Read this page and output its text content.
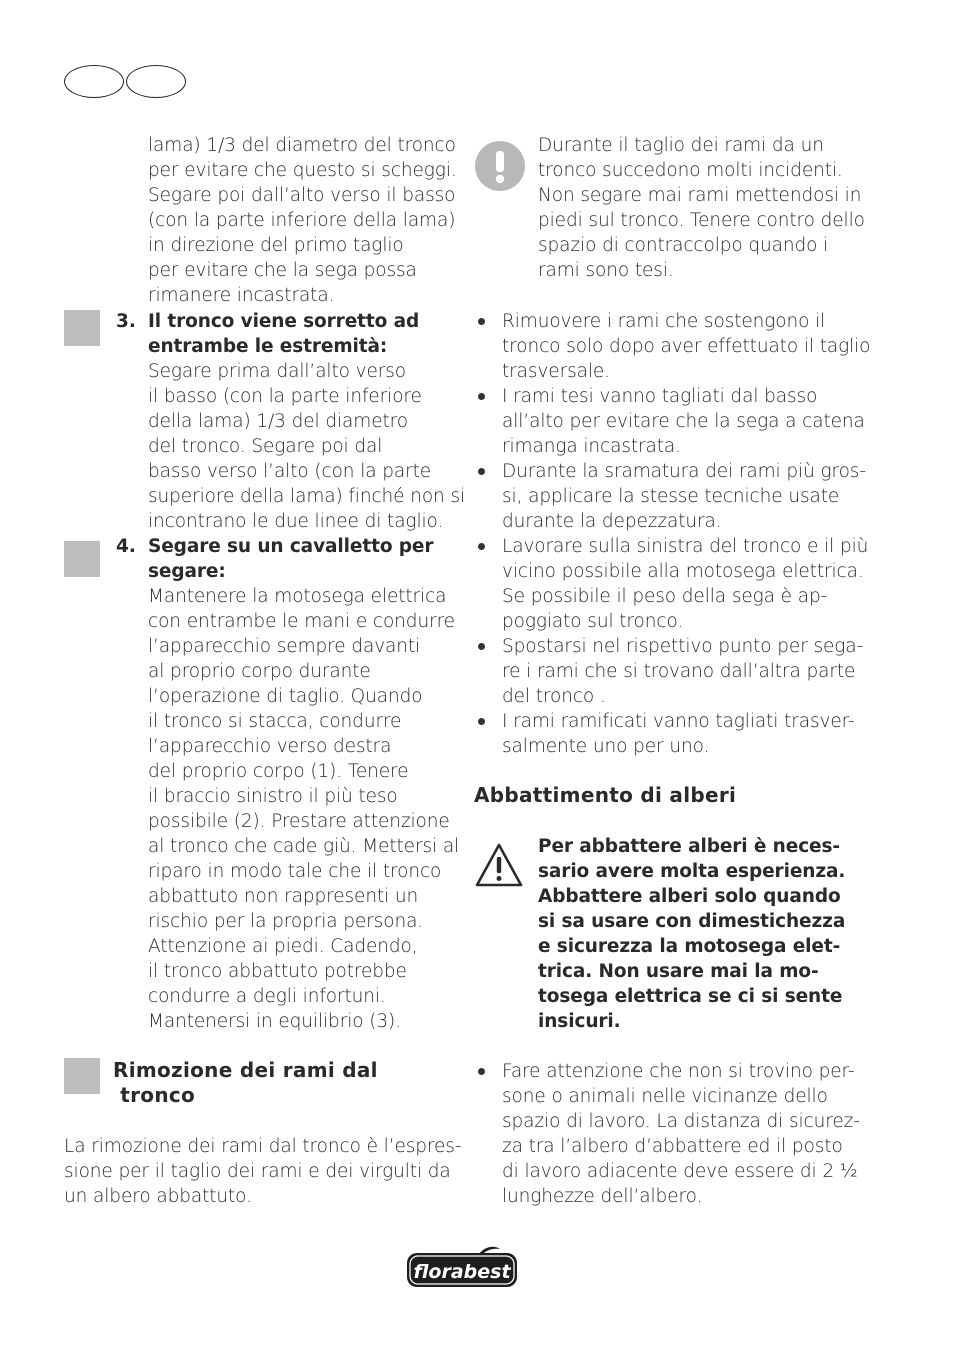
lama) 1/3 del diametro del tronco
per evitare che questo si scheggi.
Segare poi dall’alto verso il basso
(con la parte inferiore della lama)
in direzione del primo taglio
per evitare che la sega possa
rimanere incastrata.
3. Il tronco viene sorretto ad
entrambe le estremità:
Segare prima dall’alto verso
il basso (con la parte inferiore
della lama) 1/3 del diametro
del tronco. Segare poi dal
basso verso l’alto (con la parte
superiore della lama) finché non si
incontrano le due linee di taglio.
4. Segare su un cavalletto per
segare:
Mantenere la motosega elettrica
con entrambe le mani e condurre
l’apparecchio sempre davanti
al proprio corpo durante
l’operazione di taglio. Quando
il tronco si stacca, condurre
l’apparecchio verso destra
del proprio corpo (1). Tenere
il braccio sinistro il più teso
possibile (2). Prestare attenzione
al tronco che cade giù. Mettersi al
riparo in modo tale che il tronco
abbattuto non rappresenti un
rischio per la propria persona.
Attenzione ai piedi. Cadendo,
il tronco abbattuto potrebbe
condurre a degli infortuni.
Mantenersi in equilibrio (3).
Rimozione dei rami dal
tronco
La rimozione dei rami dal tronco è l’espres-
sione per il taglio dei rami e dei virgulti da
un albero abbattuto.
Durante il taglio dei rami da un
tronco succedono molti incidenti.
Non segare mai rami mettendosi in
piedi sul tronco. Tenere contro dello
spazio di contraccolpo quando i
rami sono tesi.
Rimuovere i rami che sostengono il
tronco solo dopo aver effettuato il taglio
trasversale.
I rami tesi vanno tagliati dal basso
all’alto per evitare che la sega a catena
rimanga incastrata.
Durante la sramatura dei rami più gros-
si, applicare la stesse tecniche usate
durante la depezzatura.
Lavorare sulla sinistra del tronco e il più
vicino possibile alla motosega elettrica.
Se possibile il peso della sega è ap-
poggiato sul tronco.
Spostarsi nel rispettivo punto per sega-
re i rami che si trovano dall’altra parte
del tronco .
I rami ramificati vanno tagliati trasver-
salmente uno per uno.
Abbattimento di alberi
Per abbattere alberi è neces-
sario avere molta esperienza.
Abbattere alberi solo quando
si sa usare con dimestichezza
e sicurezza la motosega elet-
trica. Non usare mai la mo-
tosega elettrica se ci si sente
insicuri.
Fare attenzione che non si trovino per-
sone o animali nelle vicinanze dello
spazio di lavoro. La distanza di sicurez-
za tra l’albero d’abbattere ed il posto
di lavoro adiacente deve essere di 2 ½
lunghezze dell’albero.
florabest
